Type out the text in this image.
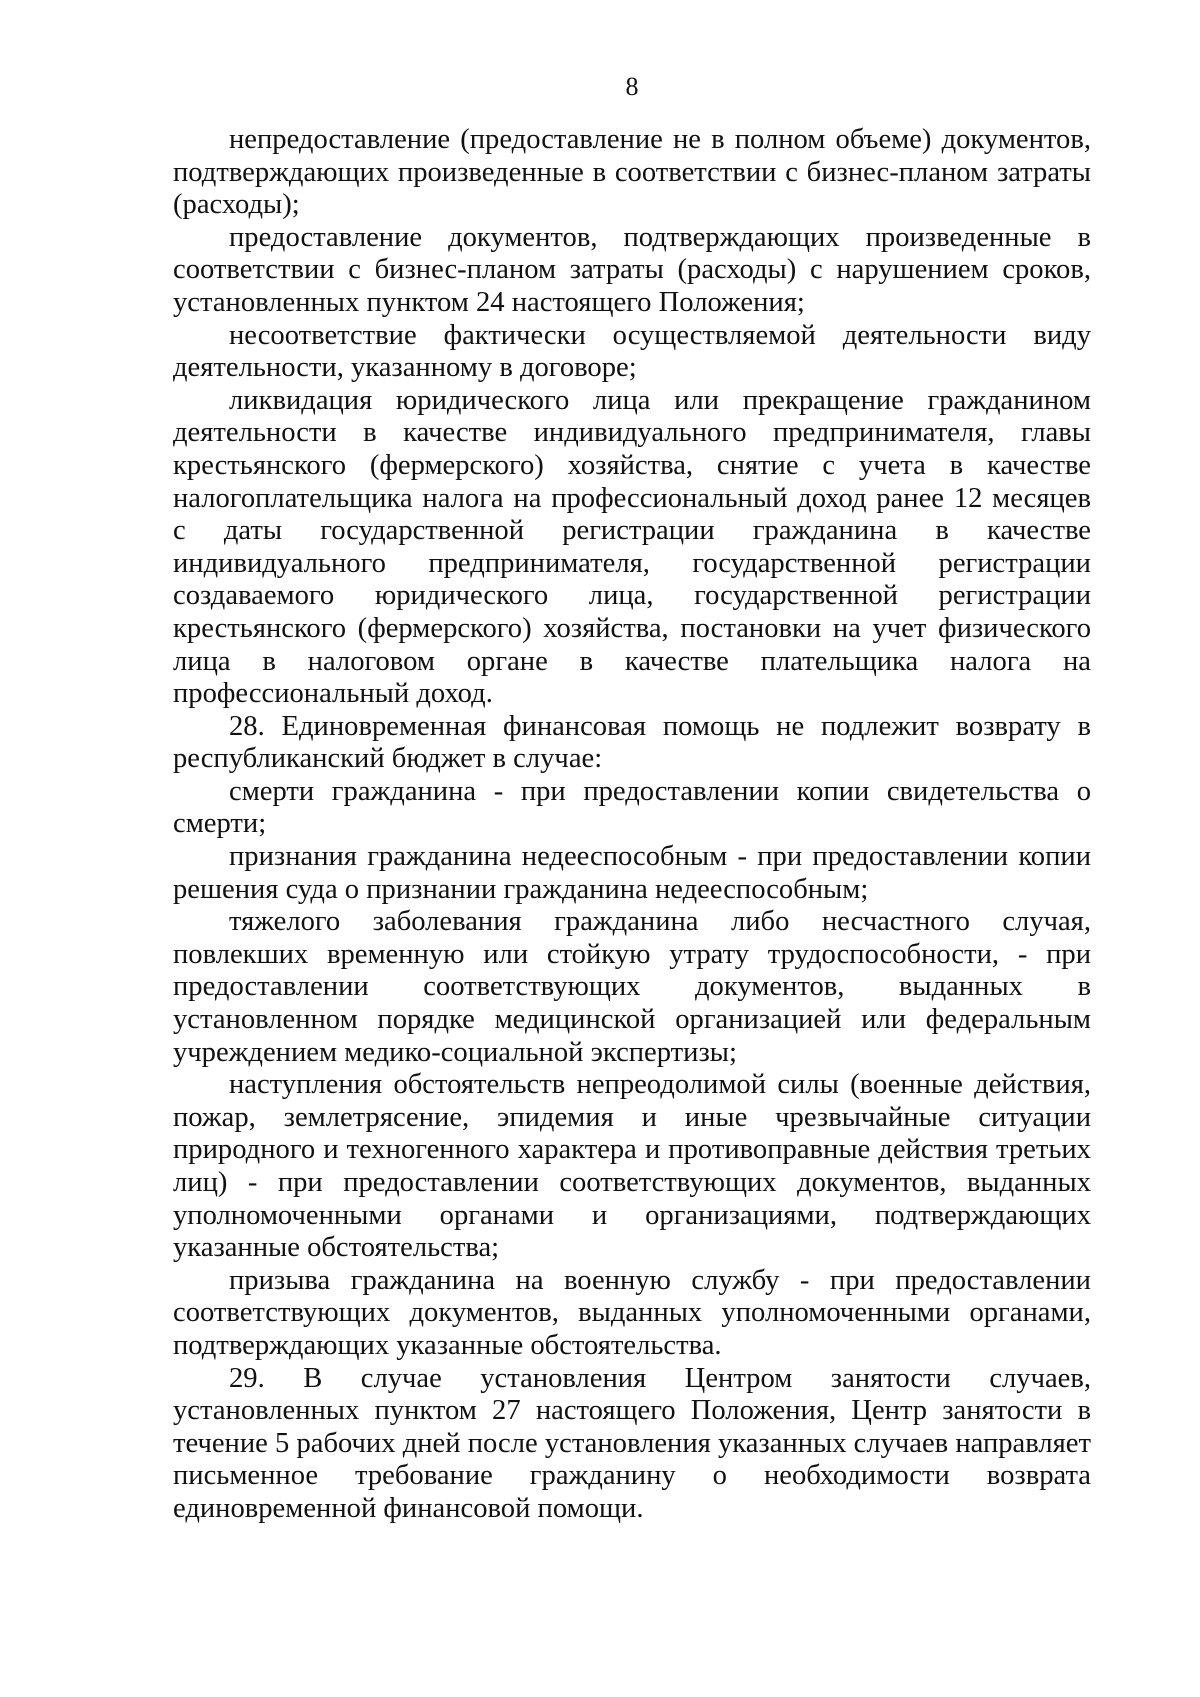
8

непредоставление (предоставление не в полном объеме) документов, подтверждающих произведенные в соответствии с бизнес-планом затраты (расходы);

предоставление документов, подтверждающих произведенные в соответствии с бизнес-планом затраты (расходы) с нарушением сроков, установленных пунктом 24 настоящего Положения;

несоответствие фактически осуществляемой деятельности виду деятельности, указанному в договоре;

ликвидация юридического лица или прекращение гражданином деятельности в качестве индивидуального предпринимателя, главы крестьянского (фермерского) хозяйства, снятие с учета в качестве налогоплательщика налога на профессиональный доход ранее 12 месяцев с даты государственной регистрации гражданина в качестве индивидуального предпринимателя, государственной регистрации создаваемого юридического лица, государственной регистрации крестьянского (фермерского) хозяйства, постановки на учет физического лица в налоговом органе в качестве плательщика налога на профессиональный доход.

28. Единовременная финансовая помощь не подлежит возврату в республиканский бюджет в случае:

смерти гражданина - при предоставлении копии свидетельства о смерти;

признания гражданина недееспособным - при предоставлении копии решения суда о признании гражданина недееспособным;

тяжелого заболевания гражданина либо несчастного случая, повлекших временную или стойкую утрату трудоспособности, - при предоставлении соответствующих документов, выданных в установленном порядке медицинской организацией или федеральным учреждением медико-социальной экспертизы;

наступления обстоятельств непреодолимой силы (военные действия, пожар, землетрясение, эпидемия и иные чрезвычайные ситуации природного и техногенного характера и противоправные действия третьих лиц) - при предоставлении соответствующих документов, выданных уполномоченными органами и организациями, подтверждающих указанные обстоятельства;

призыва гражданина на военную службу - при предоставлении соответствующих документов, выданных уполномоченными органами, подтверждающих указанные обстоятельства.

29. В случае установления Центром занятости случаев, установленных пунктом 27 настоящего Положения, Центр занятости в течение 5 рабочих дней после установления указанных случаев направляет письменное требование гражданину о необходимости возврата единовременной финансовой помощи.
